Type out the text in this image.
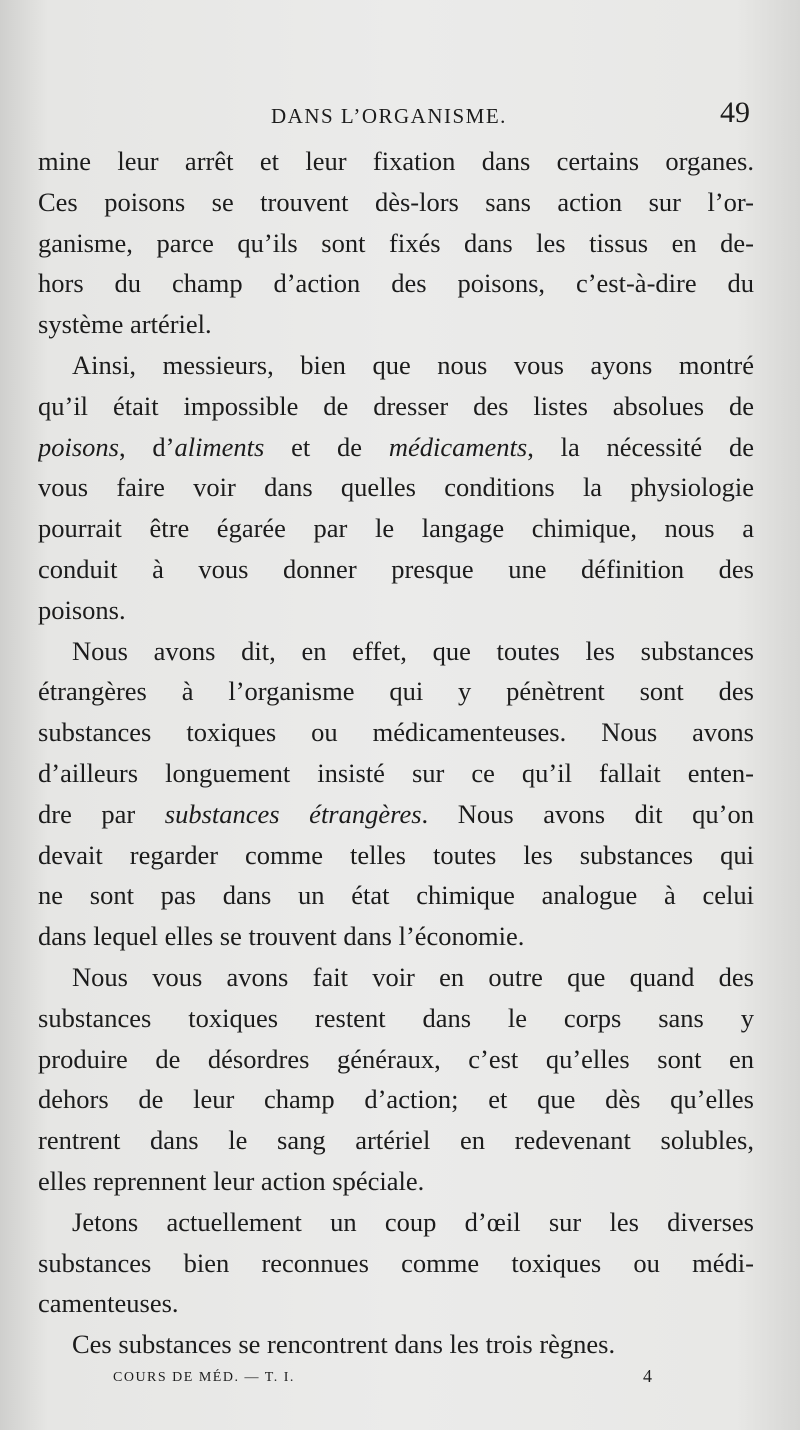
DANS L’ORGANISME.	49
mine leur arrêt et leur fixation dans certains organes.
Ces poisons se trouvent dès-lors sans action sur l’or-
ganisme, parce qu’ils sont fixés dans les tissus en de-
hors du champ d’action des poisons, c’est-à-dire du
système artériel.
Ainsi, messieurs, bien que nous vous ayons montré
qu’il était impossible de dresser des listes absolues de
poisons, d’aliments et de médicaments, la nécessité de
vous faire voir dans quelles conditions la physiologie
pourrait être égarée par le langage chimique, nous a
conduit à vous donner presque une définition des
poisons.
Nous avons dit, en effet, que toutes les substances
étrangères à l’organisme qui y pénètrent sont des
substances toxiques ou médicamenteuses. Nous avons
d’ailleurs longuement insisté sur ce qu’il fallait enten-
dre par substances étrangères. Nous avons dit qu’on
devait regarder comme telles toutes les substances qui
ne sont pas dans un état chimique analogue à celui
dans lequel elles se trouvent dans l’économie.
Nous vous avons fait voir en outre que quand des
substances toxiques restent dans le corps sans y
produire de désordres généraux, c’est qu’elles sont en
dehors de leur champ d’action; et que dès qu’elles
rentrent dans le sang artériel en redevenant solubles,
elles reprennent leur action spéciale.
Jetons actuellement un coup d’œil sur les diverses
substances bien reconnues comme toxiques ou médi-
camenteuses.
Ces substances se rencontrent dans les trois règnes.
COURS DE MÉD. — T. I.	4
